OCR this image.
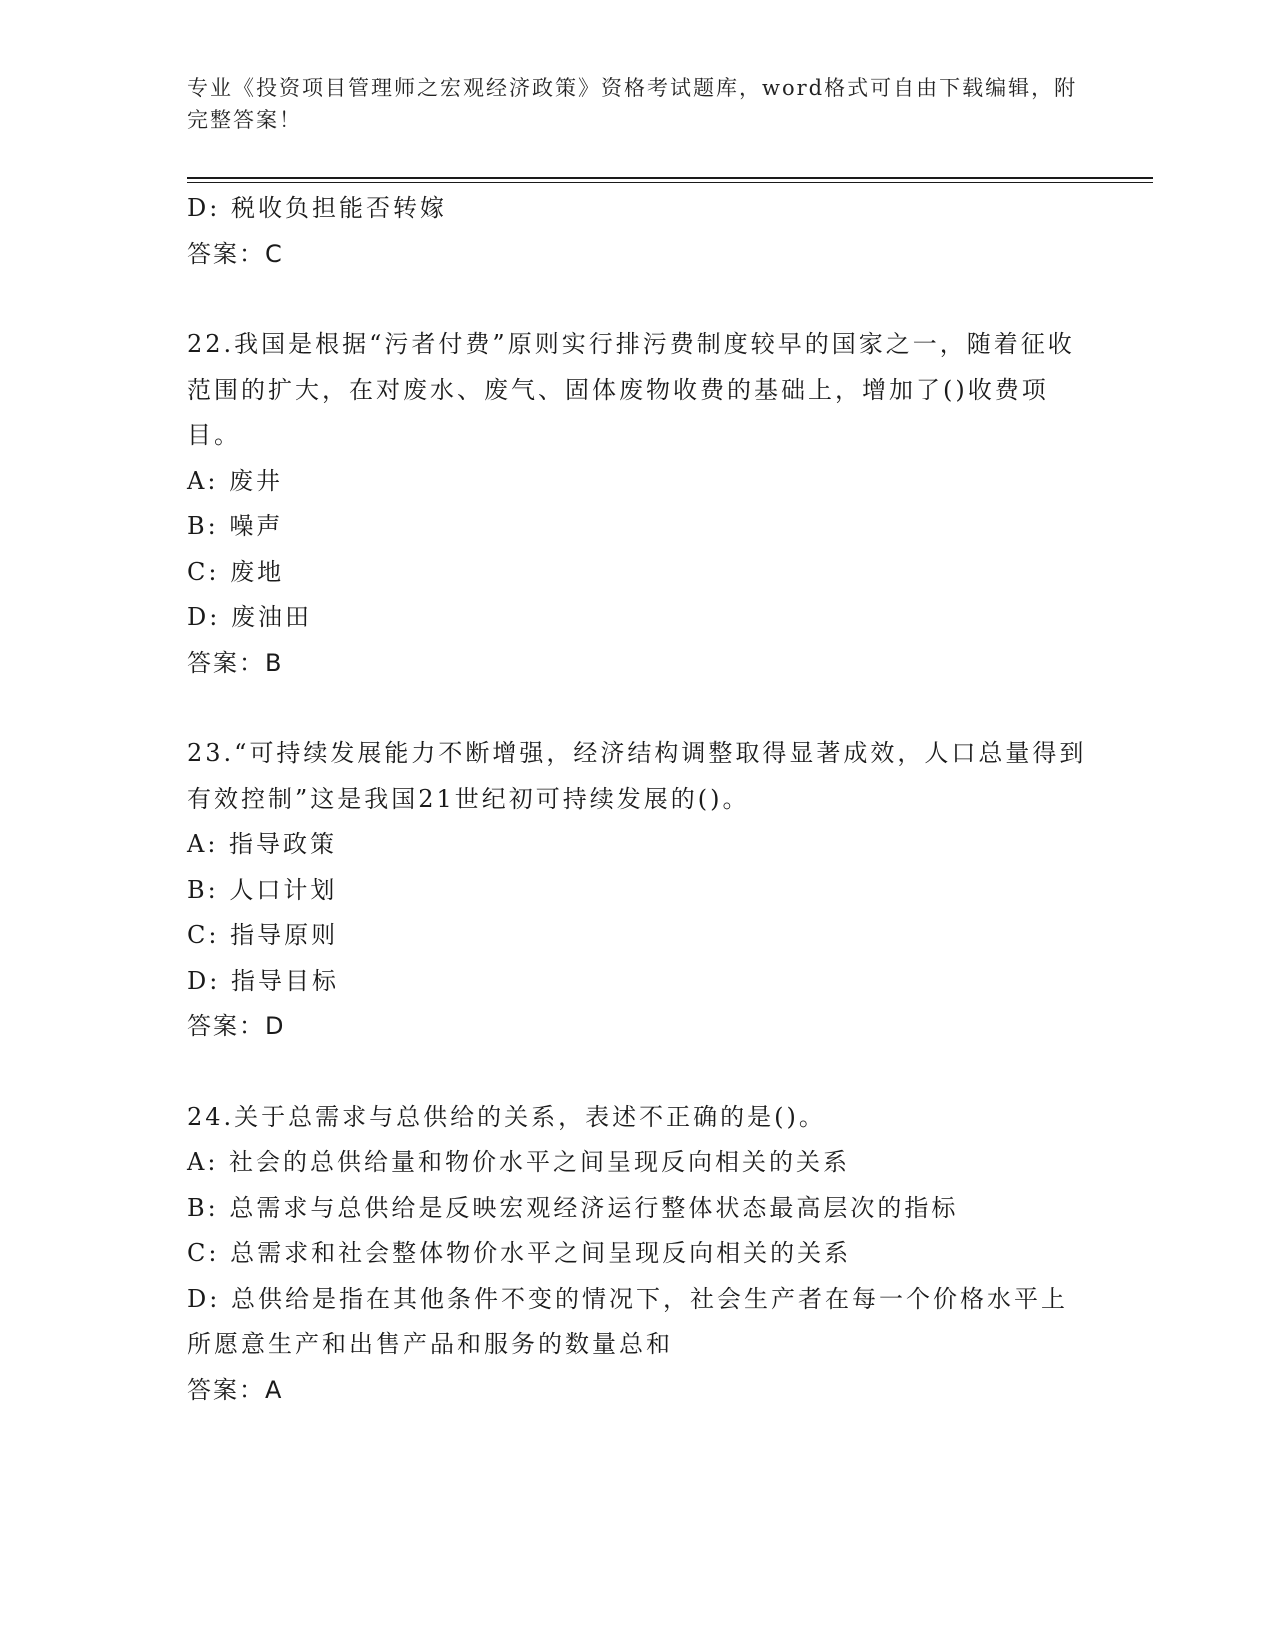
专业《投资项目管理师之宏观经济政策》资格考试题库，word格式可自由下载编辑，附完整答案！
D: 税收负担能否转嫁
答案：C
22.我国是根据“污者付费”原则实行排污费制度较早的国家之一，随着征收范围的扩大，在对废水、废气、固体废物收费的基础上，增加了()收费项目。
A: 废井
B: 噪声
C: 废地
D: 废油田
答案：B
23.“可持续发展能力不断增强，经济结构调整取得显著成效，人口总量得到有效控制”这是我国21世纪初可持续发展的()。
A: 指导政策
B: 人口计划
C: 指导原则
D: 指导目标
答案：D
24.关于总需求与总供给的关系，表述不正确的是()。
A: 社会的总供给量和物价水平之间呈现反向相关的关系
B: 总需求与总供给是反映宏观经济运行整体状态最高层次的指标
C: 总需求和社会整体物价水平之间呈现反向相关的关系
D: 总供给是指在其他条件不变的情况下，社会生产者在每一个价格水平上所愿意生产和出售产品和服务的数量总和
答案：A
